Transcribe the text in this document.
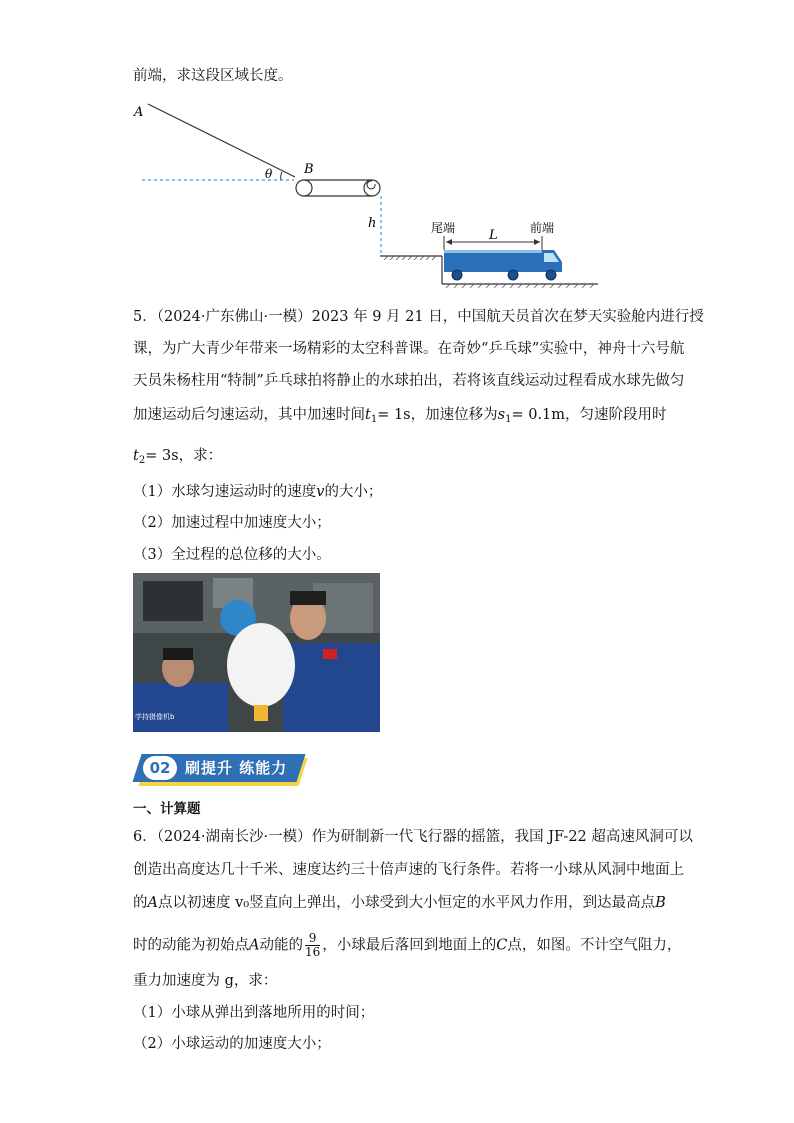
前端，求这段区域长度。
A
B
θ
h	尾端	L	前端
5．（2024·广东佛山·一模）2023 年 9 月 21 日，中国航天员首次在梦天实验舱内进行授
课，为广大青少年带来一场精彩的太空科普课。在奇妙“乒乓球”实验中，神舟十六号航
天员朱杨柱用“特制”乒乓球拍将静止的水球拍出，若将该直线运动过程看成水球先做匀
加速运动后匀速运动，其中加速时间$t_1= 1s$，加速位移为$s_1= 0.1m$，匀速阶段用时
$t_2= 3s$，求：
（1）水球匀速运动时的速度v的大小；
（2）加速过程中加速度大小；
（3）全过程的总位移的大小。
学持摄像机b
02 刷提升 练能力
一、计算题
6．（2024·湖南长沙·一模）作为研制新一代飞行器的摇篮，我国 JF-22 超高速风洞可以
创造出高度达几十千米、速度达约三十倍声速的飞行条件。若将一小球从风洞中地面上
的A点以初速度 v₀竖直向上弹出，小球受到大小恒定的水平风力作用，到达最高点B
时的动能为初始点A动能的 $\frac{9}{16}$ ，小球最后落回到地面上的C点，如图。不计空气阻力，
重力加速度为 g，求：
（1）小球从弹出到落地所用的时间；
（2）小球运动的加速度大小；
